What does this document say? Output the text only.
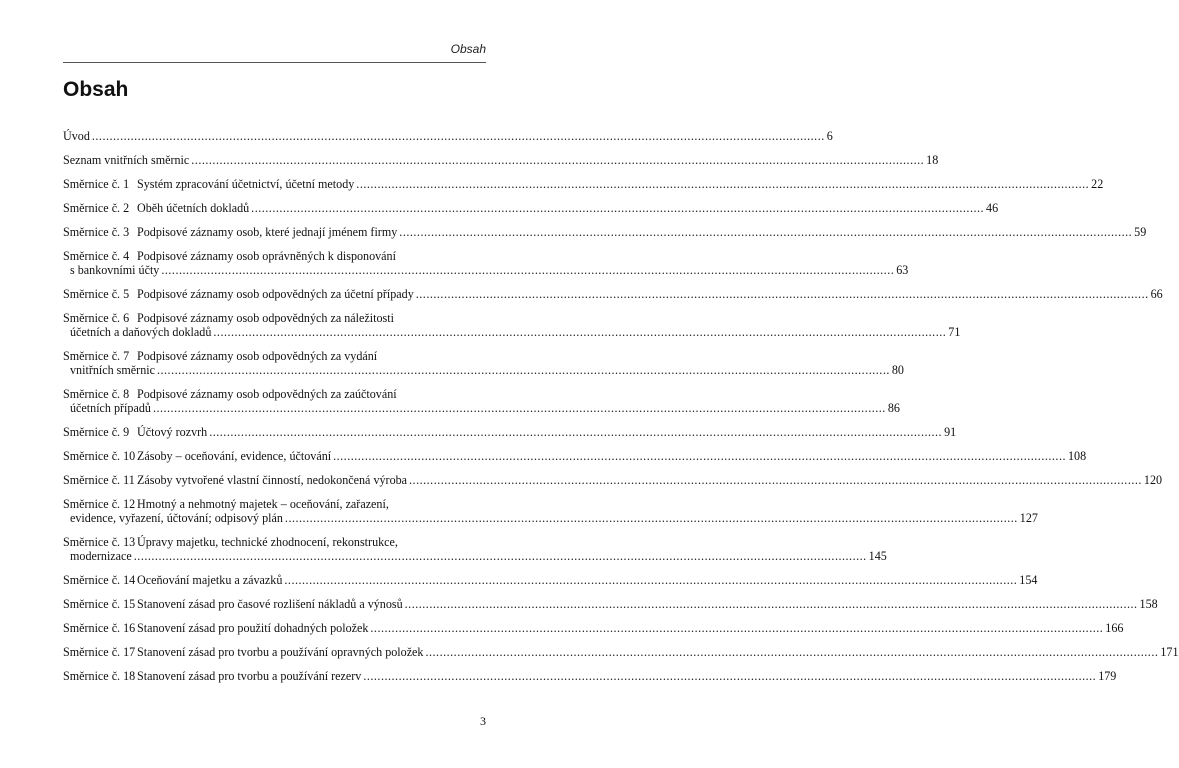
Obsah
Obsah
Úvod .....	6
Seznam vnitřních směrnic .....	18
Směrnice č. 1 Systém zpracování účetnictví, účetní metody .....	22
Směrnice č. 2 Oběh účetních dokladů .....	46
Směrnice č. 3 Podpisové záznamy osob, které jednají jménem firmy .....	59
Směrnice č. 4 Podpisové záznamy osob oprávněných k disponování
s bankovními účty .....	63
Směrnice č. 5 Podpisové záznamy osob odpovědných za účetní případy .....	66
Směrnice č. 6 Podpisové záznamy osob odpovědných za náležitosti
účetních a daňových dokladů .....	71
Směrnice č. 7 Podpisové záznamy osob odpovědných za vydání
vnitřních směrnic .....	80
Směrnice č. 8 Podpisové záznamy osob odpovědných za zaúčtování
účetních případů .....	86
Směrnice č. 9 Účtový rozvrh .....	91
Směrnice č. 10 Zásoby – oceňování, evidence, účtování .....	108
Směrnice č. 11 Zásoby vytvořené vlastní činností, nedokončená výroba .....	120
Směrnice č. 12 Hmotný a nehmotný majetek – oceňování, zařazení,
evidence, vyřazení, účtování; odpisový plán .....	127
Směrnice č. 13 Úpravy majetku, technické zhodnocení, rekonstrukce,
modernizace .....	145
Směrnice č. 14 Oceňování majetku a závazků .....	154
Směrnice č. 15 Stanovení zásad pro časové rozlišení nákladů a výnosů .....	158
Směrnice č. 16 Stanovení zásad pro použití dohadných položek .....	166
Směrnice č. 17 Stanovení zásad pro tvorbu a používání opravných položek .....	171
Směrnice č. 18 Stanovení zásad pro tvorbu a používání rezerv .....	179
3
